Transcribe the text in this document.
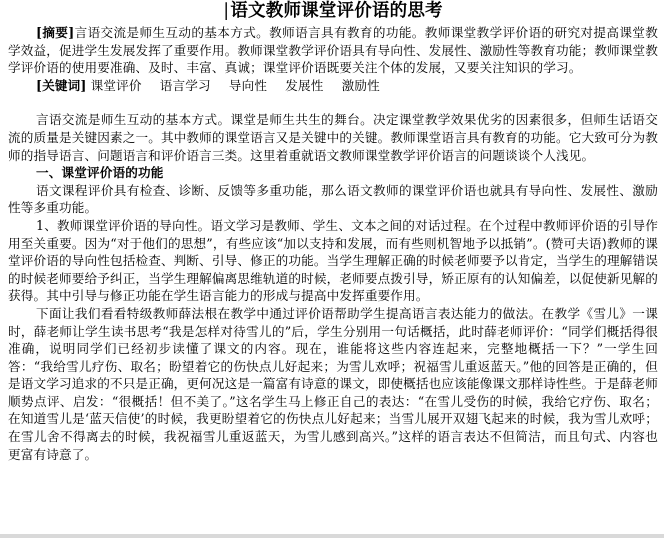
|语文教师课堂评价语的思考

[摘要]言语交流是师生互动的基本方式。教师语言具有教育的功能。教师课堂教学评价语的研究对提高课堂教学效益，促进学生发展发挥了重要作用。教师课堂教学评价语具有导向性、发展性、激励性等教育功能；教师课堂教学评价语的使用要准确、及时、丰富、真诚；课堂评价语既要关注个体的发展，又要关注知识的学习。

[关键词] 课堂评价 语言学习 导向性 发展性 激励性

言语交流是师生互动的基本方式。课堂是师生共生的舞台。决定课堂教学效果优劣的因素很多，但师生话语交流的质量是关键因素之一。其中教师的课堂语言又是关键中的关键。教师课堂语言具有教育的功能。它大致可分为教师的指导语言、问题语言和评价语言三类。这里着重就语文教师课堂教学评价语言的问题谈谈个人浅见。

一、课堂评价语的功能

语文课程评价具有检查、诊断、反馈等多重功能，那么语文教师的课堂评价语也就具有导向性、发展性、激励性等多重功能。

1、教师课堂评价语的导向性。语文学习是教师、学生、文本之间的对话过程。在个过程中教师评价语的引导作用至关重要。因为“对于他们的思想”，有些应该“加以支持和发展，而有些则机智地予以抵销”。(赞可夫语)教师的课堂评价语的导向性包括检查、判断、引导、修正的功能。当学生理解正确的时候老师要予以肯定，当学生的理解错误的时候老师要给予纠正，当学生理解偏离思维轨道的时候，老师要点拨引导，矫正原有的认知偏差，以促使新见解的获得。其中引导与修正功能在学生语言能力的形成与提高中发挥重要作用。

下面让我们看看特级教师薛法根在教学中通过评价语帮助学生提高语言表达能力的做法。在教学《雪儿》一课时，薛老师让学生读书思考“我是怎样对待雪儿的”后，学生分别用一句话概括，此时薛老师评价：“同学们概括得很准确，说明同学们已经初步读懂了课文的内容。现在，谁能将这些内容连起来，完整地概括一下？”一学生回答：“我给雪儿疗伤、取名；盼望着它的伤快点儿好起来；为雪儿欢呼；祝福雪儿重返蓝天。”他的回答是正确的，但是语文学习追求的不只是正确，更何况这是一篇富有诗意的课文，即使概括也应该能像课文那样诗性些。于是薛老师顺势点评、启发：“很概括！但不美了。”这名学生马上修正自己的表达：“在雪儿受伤的时候，我给它疗伤、取名；在知道雪儿是‘蓝天信使’的时候，我更盼望着它的伤快点儿好起来；当雪儿展开双翅飞起来的时候，我为雪儿欢呼；在雪儿舍不得离去的时候，我祝福雪儿重返蓝天，为雪儿感到高兴。”这样的语言表达不但简洁，而且句式、内容也更富有诗意了。
